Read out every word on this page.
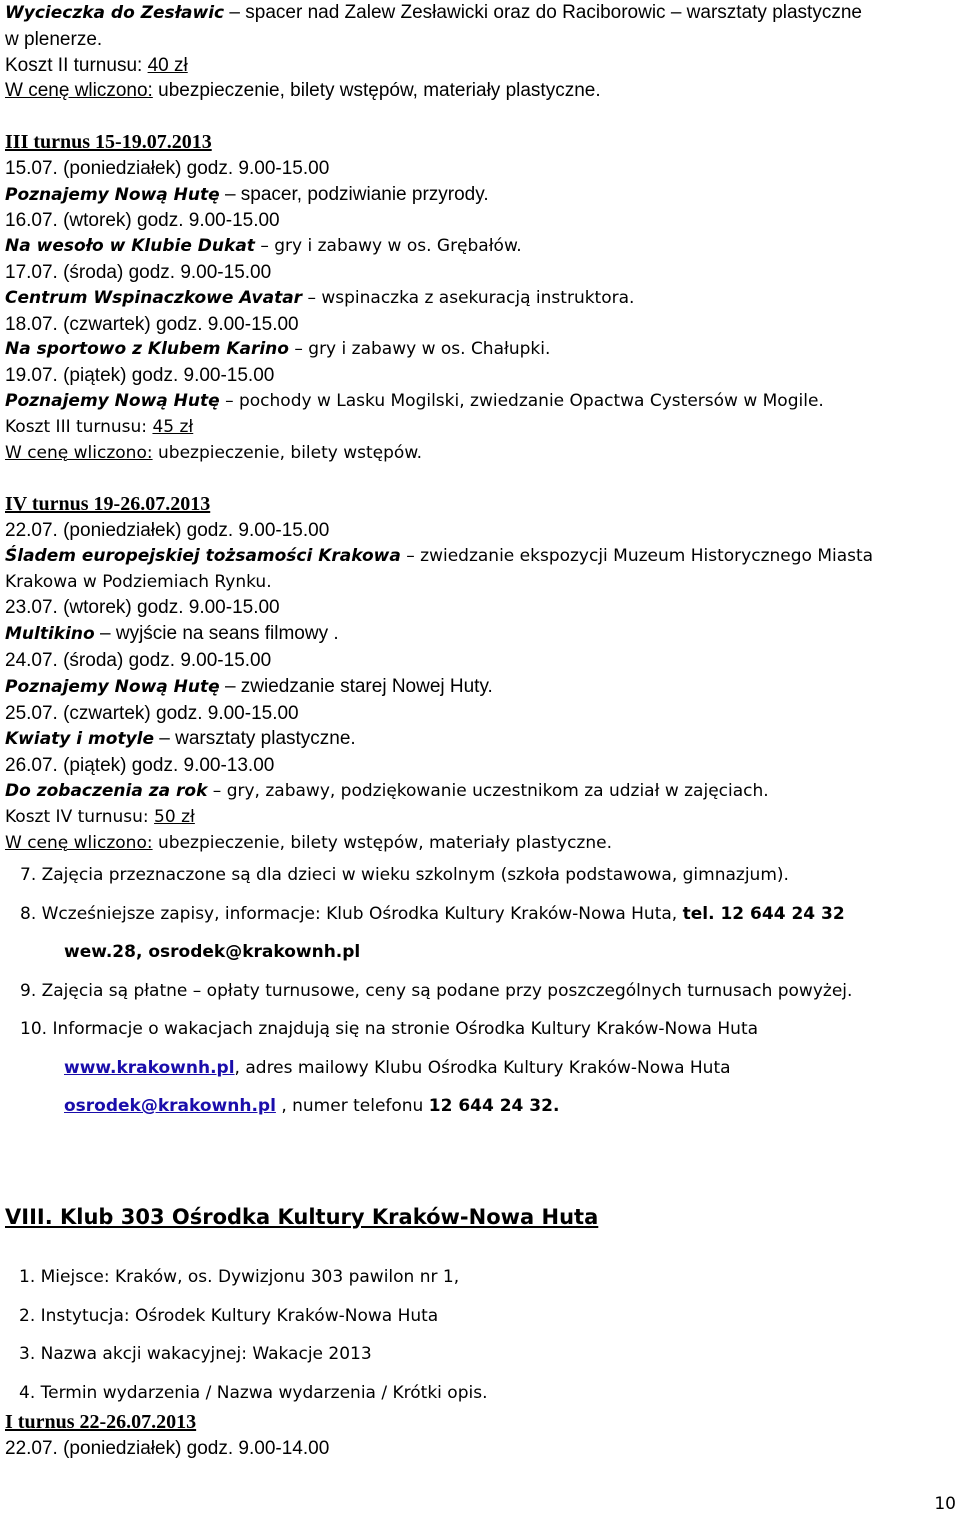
Wycieczka do Zesławic – spacer nad Zalew Zesławicki oraz do Raciborowic – warsztaty plastyczne

w plenerze.

Koszt II turnusu: 40 zł

W cenę wliczono: ubezpieczenie, bilety wstępów, materiały plastyczne.

III turnus 15-19.07.2013

15.07. (poniedziałek) godz. 9.00-15.00

Poznajemy Nową Hutę – spacer, podziwianie przyrody.

16.07. (wtorek) godz. 9.00-15.00

Na wesoło w Klubie Dukat – gry i zabawy w os. Grębałów.

17.07. (środa) godz. 9.00-15.00

Centrum Wspinaczkowe Avatar – wspinaczka z asekuracją instruktora.

18.07. (czwartek) godz. 9.00-15.00

Na sportowo z Klubem Karino – gry i zabawy w os. Chałupki.

19.07. (piątek) godz. 9.00-15.00

Poznajemy Nową Hutę – pochody w Lasku Mogilski, zwiedzanie Opactwa Cystersów w Mogile.

Koszt III turnusu: 45 zł

W cenę wliczono: ubezpieczenie, bilety wstępów.

IV turnus 19-26.07.2013

22.07. (poniedziałek) godz. 9.00-15.00

Śladem europejskiej tożsamości Krakowa – zwiedzanie ekspozycji Muzeum Historycznego Miasta

Krakowa w Podziemiach Rynku.

23.07. (wtorek) godz. 9.00-15.00

Multikino – wyjście na seans filmowy .

24.07. (środa) godz. 9.00-15.00

Poznajemy Nową Hutę – zwiedzanie starej Nowej Huty.

25.07. (czwartek) godz. 9.00-15.00

Kwiaty i motyle – warsztaty plastyczne.

26.07. (piątek) godz. 9.00-13.00

Do zobaczenia za rok – gry, zabawy, podziękowanie uczestnikom za udział w zajęciach.

Koszt IV turnusu: 50 zł

W cenę wliczono: ubezpieczenie, bilety wstępów, materiały plastyczne.

7. Zajęcia przeznaczone są dla dzieci w wieku szkolnym (szkoła podstawowa, gimnazjum).
8. Wcześniejsze zapisy, informacje: Klub Ośrodka Kultury Kraków-Nowa Huta, tel. 12 644 24 32
wew.28, osrodek@krakownh.pl
9. Zajęcia są płatne – opłaty turnusowe, ceny są podane przy poszczególnych turnusach powyżej.
10. Informacje o wakacjach znajdują się na stronie Ośrodka Kultury Kraków-Nowa Huta
www.krakownh.pl, adres mailowy Klubu Ośrodka Kultury Kraków-Nowa Huta
osrodek@krakownh.pl , numer telefonu 12 644 24 32.
VIII. Klub 303 Ośrodka Kultury Kraków-Nowa Huta
1. Miejsce: Kraków, os. Dywizjonu 303 pawilon nr 1,
2. Instytucja: Ośrodek Kultury Kraków-Nowa Huta
3. Nazwa akcji wakacyjnej: Wakacje 2013
4. Termin wydarzenia / Nazwa wydarzenia / Krótki opis.

I turnus 22-26.07.2013

22.07. (poniedziałek) godz. 9.00-14.00

10
